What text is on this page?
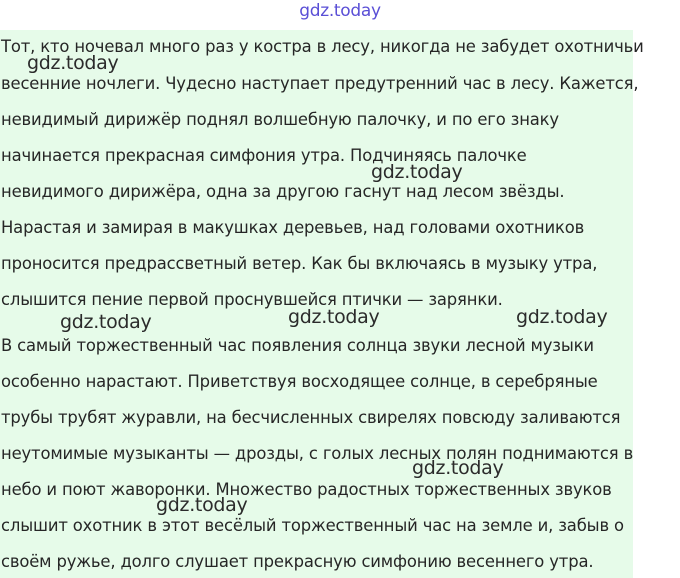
gdz.today
Тот, кто ночевал много раз у костра в лесу, никогда не забудет охотничьи
весенние ночлеги. Чудесно наступает предутренний час в лесу. Кажется,
невидимый дирижёр поднял волшебную палочку, и по его знаку
начинается прекрасная симфония утра. Подчиняясь палочке
невидимого дирижёра, одна за другою гаснут над лесом звёзды.
Нарастая и замирая в макушках деревьев, над головами охотников
проносится предрассветный ветер. Как бы включаясь в музыку утра,
слышится пение первой проснувшейся птички — зарянки.
В самый торжественный час появления солнца звуки лесной музыки
особенно нарастают. Приветствуя восходящее солнце, в серебряные
трубы трубят журавли, на бесчисленных свирелях повсюду заливаются
неутомимые музыканты — дрозды, с голых лесных полян поднимаются в
небо и поют жаворонки. Множество радостных торжественных звуков
слышит охотник в этот весёлый торжественный час на земле и, забыв о
своём ружье, долго слушает прекрасную симфонию весеннего утра.
gdz.today
gdz.today
gdz.today	gdz.today	gdz.today
gdz.today
gdz.today
